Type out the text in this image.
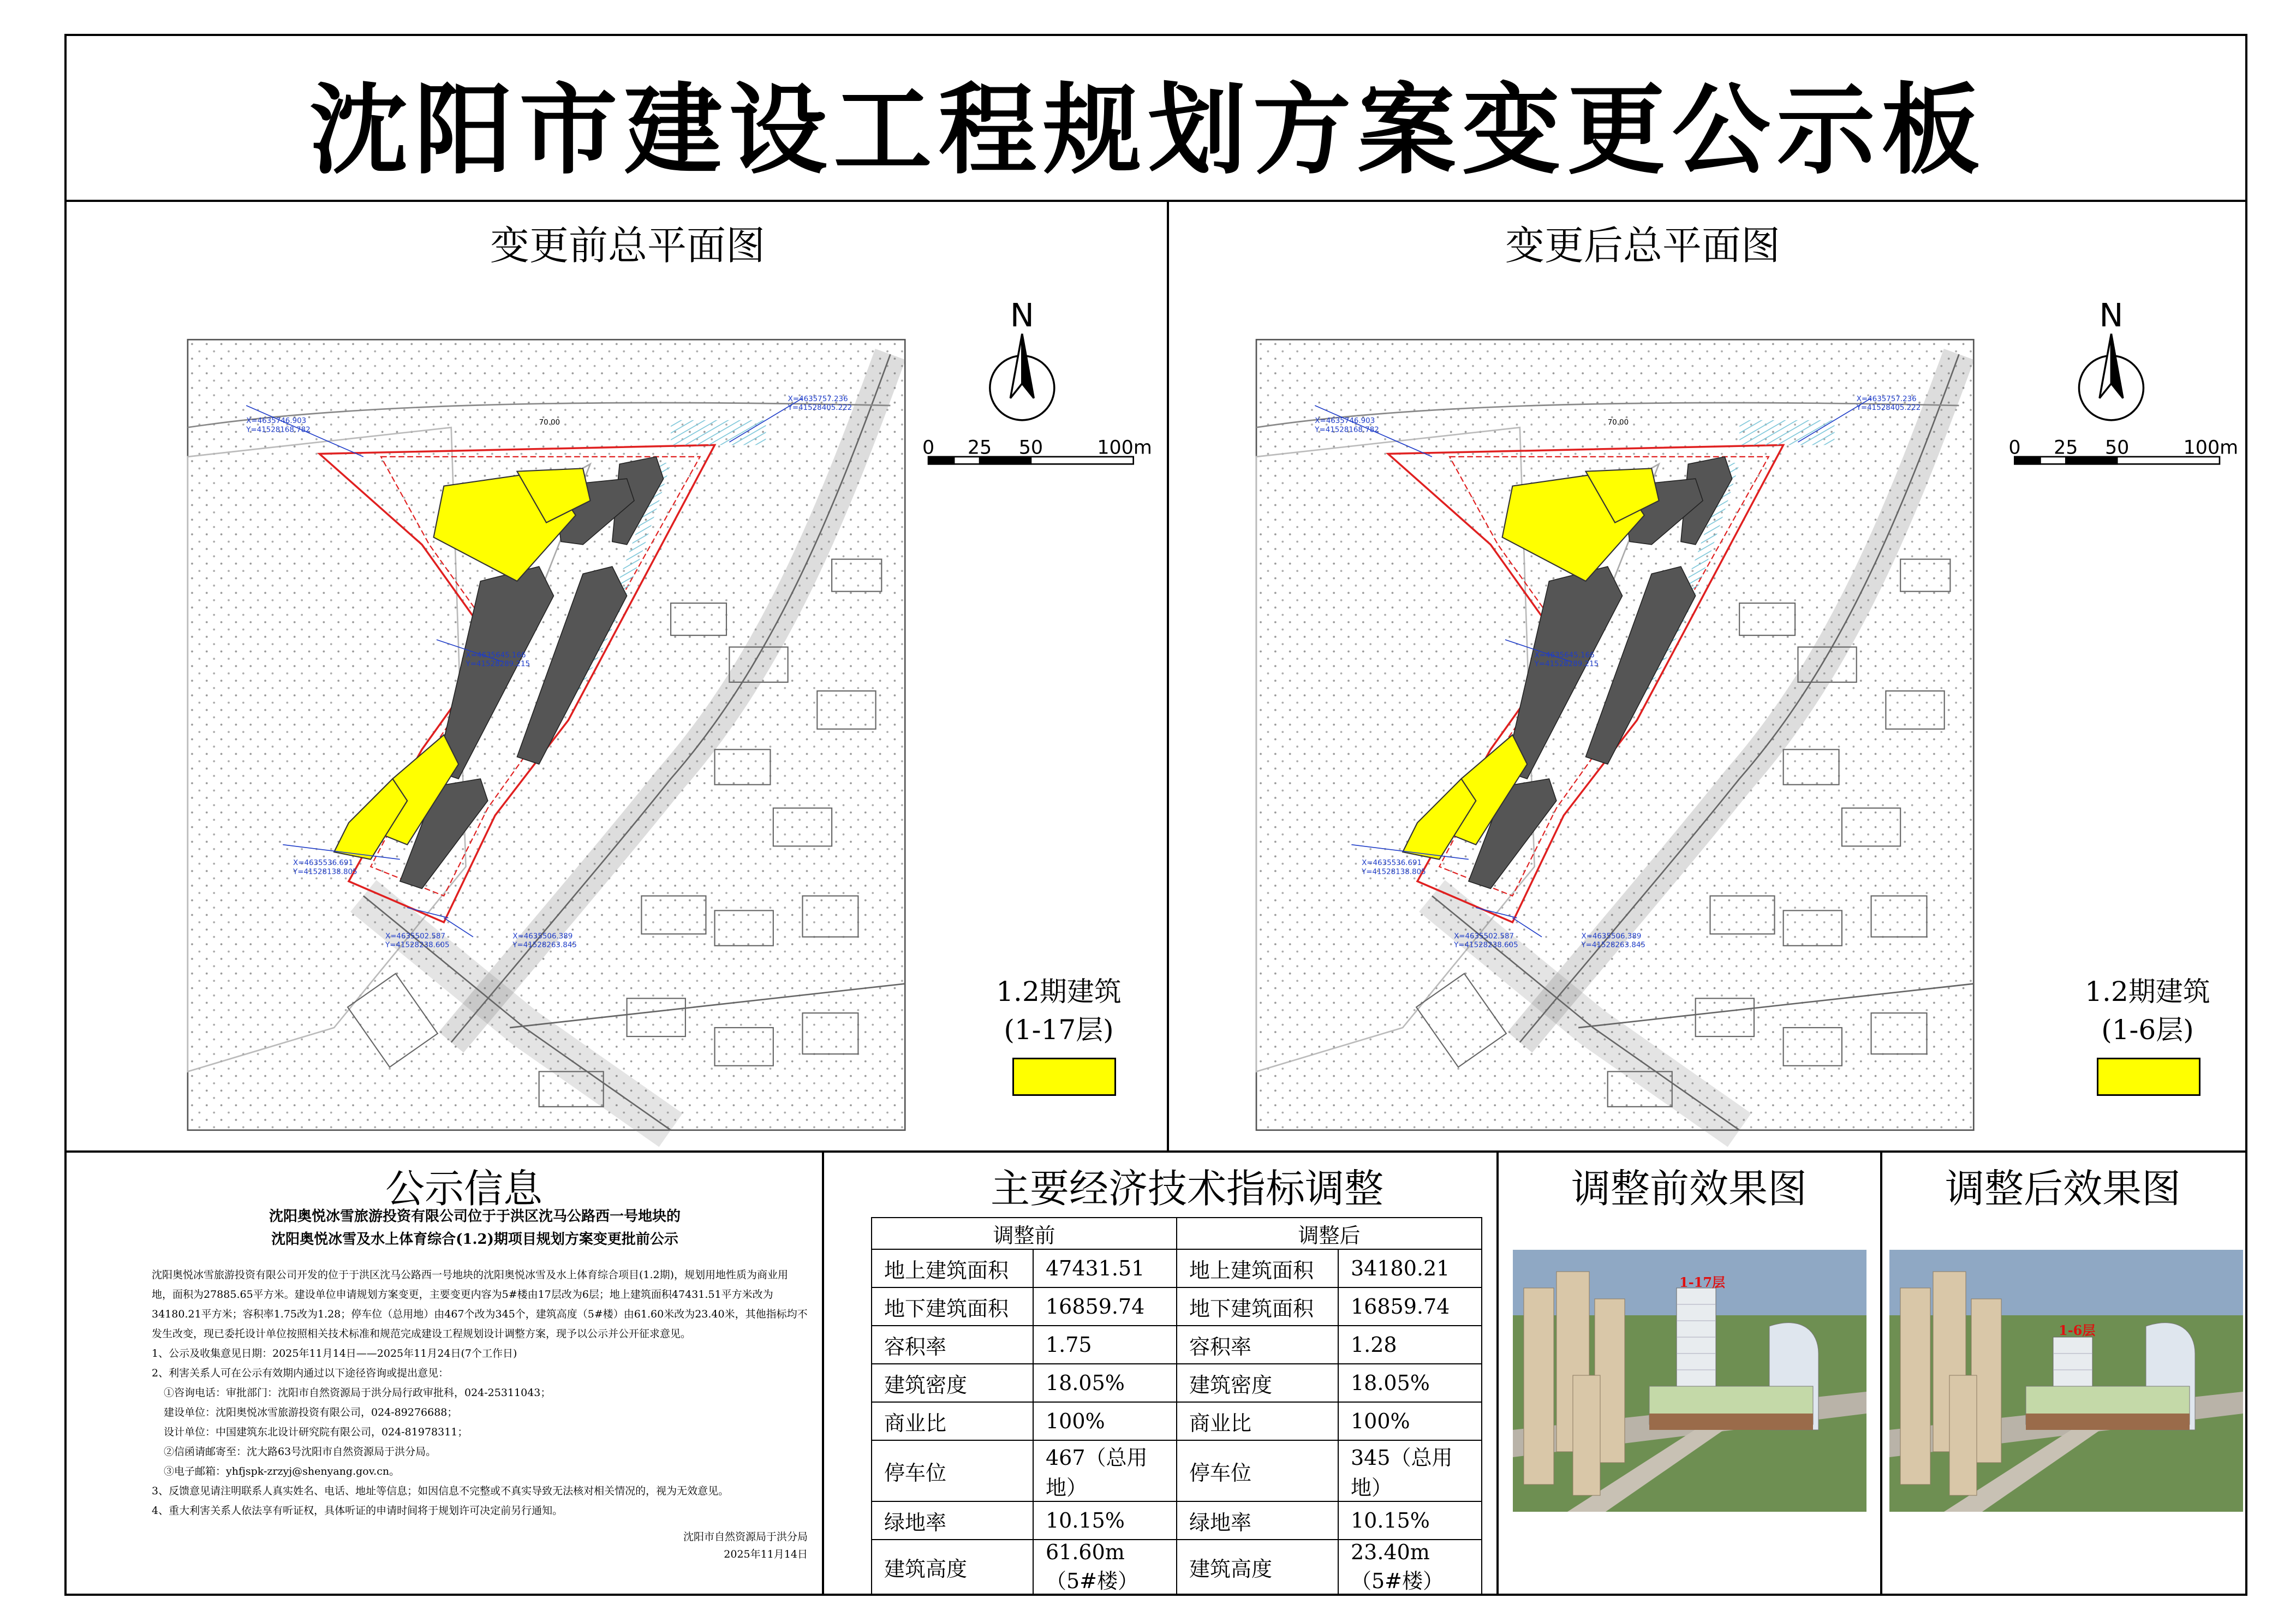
沈阳市建设工程规划方案变更公示板
变更前总平面图	变更后总平面图
X=4635746.903
Y=41528168.782
X=4635757.236
Y=41528405.222
X=4635645.166
Y=41528289.215
X=4635536.691
Y=41528138.805
X=4635502.587
Y=41528238.605
X=4635506.389
Y=41528263.845
70.00	X=4635746.903
Y=41528168.782
X=4635757.236
Y=41528405.222
X=4635645.166
Y=41528289.215
X=4635536.691
Y=41528138.805
X=4635502.587
Y=41528238.605
X=4635506.389
Y=41528263.845
70.00
N
0	25	50	100m
N
0	25	50	100m
1.2期建筑
(1-17层)
1.2期建筑
(1-6层)
公示信息
沈阳奥悦冰雪旅游投资有限公司位于于洪区沈马公路西一号地块的
沈阳奥悦冰雪及水上体育综合(1.2)期项目规划方案变更批前公示

沈阳奥悦冰雪旅游投资有限公司开发的位于于洪区沈马公路西一号地块的沈阳奥悦冰雪及水上体育综合项目(1.2期)，规划用地性质为商业用地，面积为27885.65平方米。建设单位申请规划方案变更，主要变更内容为5#楼由17层改为6层；地上建筑面积47431.51平方米改为34180.21平方米；容积率1.75改为1.28；停车位（总用地）由467个改为345个，建筑高度（5#楼）由61.60米改为23.40米，其他指标均不发生改变，现已委托设计单位按照相关技术标准和规范完成建设工程规划设计调整方案，现予以公示并公开征求意见。

1、公示及收集意见日期：2025年11月14日——2025年11月24日(7个工作日)

2、利害关系人可在公示有效期内通过以下途径咨询或提出意见：

①咨询电话：审批部门：沈阳市自然资源局于洪分局行政审批科，024-25311043；

建设单位：沈阳奥悦冰雪旅游投资有限公司，024-89276688；

设计单位：中国建筑东北设计研究院有限公司，024-81978311；

②信函请邮寄至：沈大路63号沈阳市自然资源局于洪分局。

③电子邮箱：yhfjspk-zrzyj@shenyang.gov.cn。

3、反馈意见请注明联系人真实姓名、电话、地址等信息；如因信息不完整或不真实导致无法核对相关情况的，视为无效意见。

4、重大利害关系人依法享有听证权，具体听证的申请时间将于规划许可决定前另行通知。

沈阳市自然资源局于洪分局
2025年11月14日
主要经济技术指标调整
调整前		调整后	
地上建筑面积	47431.51	地上建筑面积	34180.21
地下建筑面积	16859.74	地下建筑面积	16859.74
容积率	1.75	容积率	1.28
建筑密度	18.05%	建筑密度	18.05%
商业比	100%	商业比	100%
停车位	467（总用地）	停车位	345（总用地）
绿地率	10.15%	绿地率	10.15%
建筑高度	61.60m（5#楼）	建筑高度	23.40m（5#楼）
调整前效果图	调整后效果图
1-17层
1-6层
